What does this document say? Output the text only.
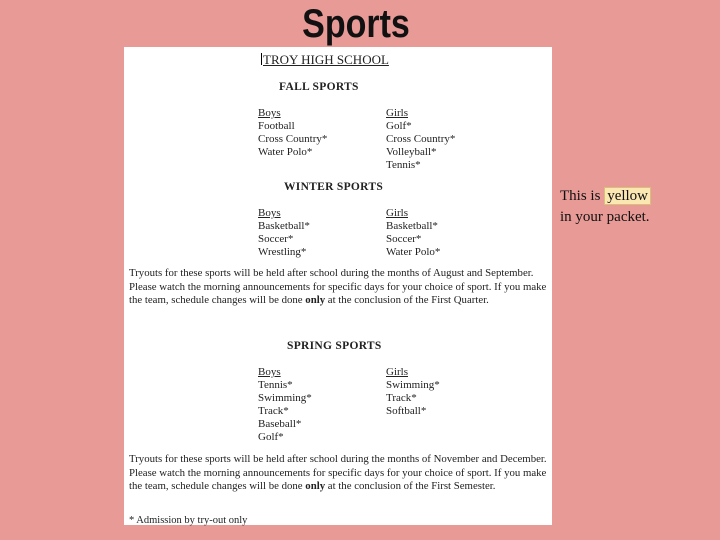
Sports
TROY HIGH SCHOOL
FALL SPORTS
Boys
Football
Cross Country*
Water Polo*
Girls
Golf*
Cross Country*
Volleyball*
Tennis*
WINTER SPORTS
Boys
Basketball*
Soccer*
Wrestling*
Girls
Basketball*
Soccer*
Water Polo*
Tryouts for these sports will be held after school during the months of August and September. Please watch the morning announcements for specific days for your choice of sport. If you make the team, schedule changes will be done only at the conclusion of the First Quarter.
SPRING SPORTS
Boys
Tennis*
Swimming*
Track*
Baseball*
Golf*
Girls
Swimming*
Track*
Softball*
Tryouts for these sports will be held after school during the months of November and December. Please watch the morning announcements for specific days for your choice of sport. If you make the team, schedule changes will be done only at the conclusion of the First Semester.
* Admission by try-out only
This is yellow
in your packet.
